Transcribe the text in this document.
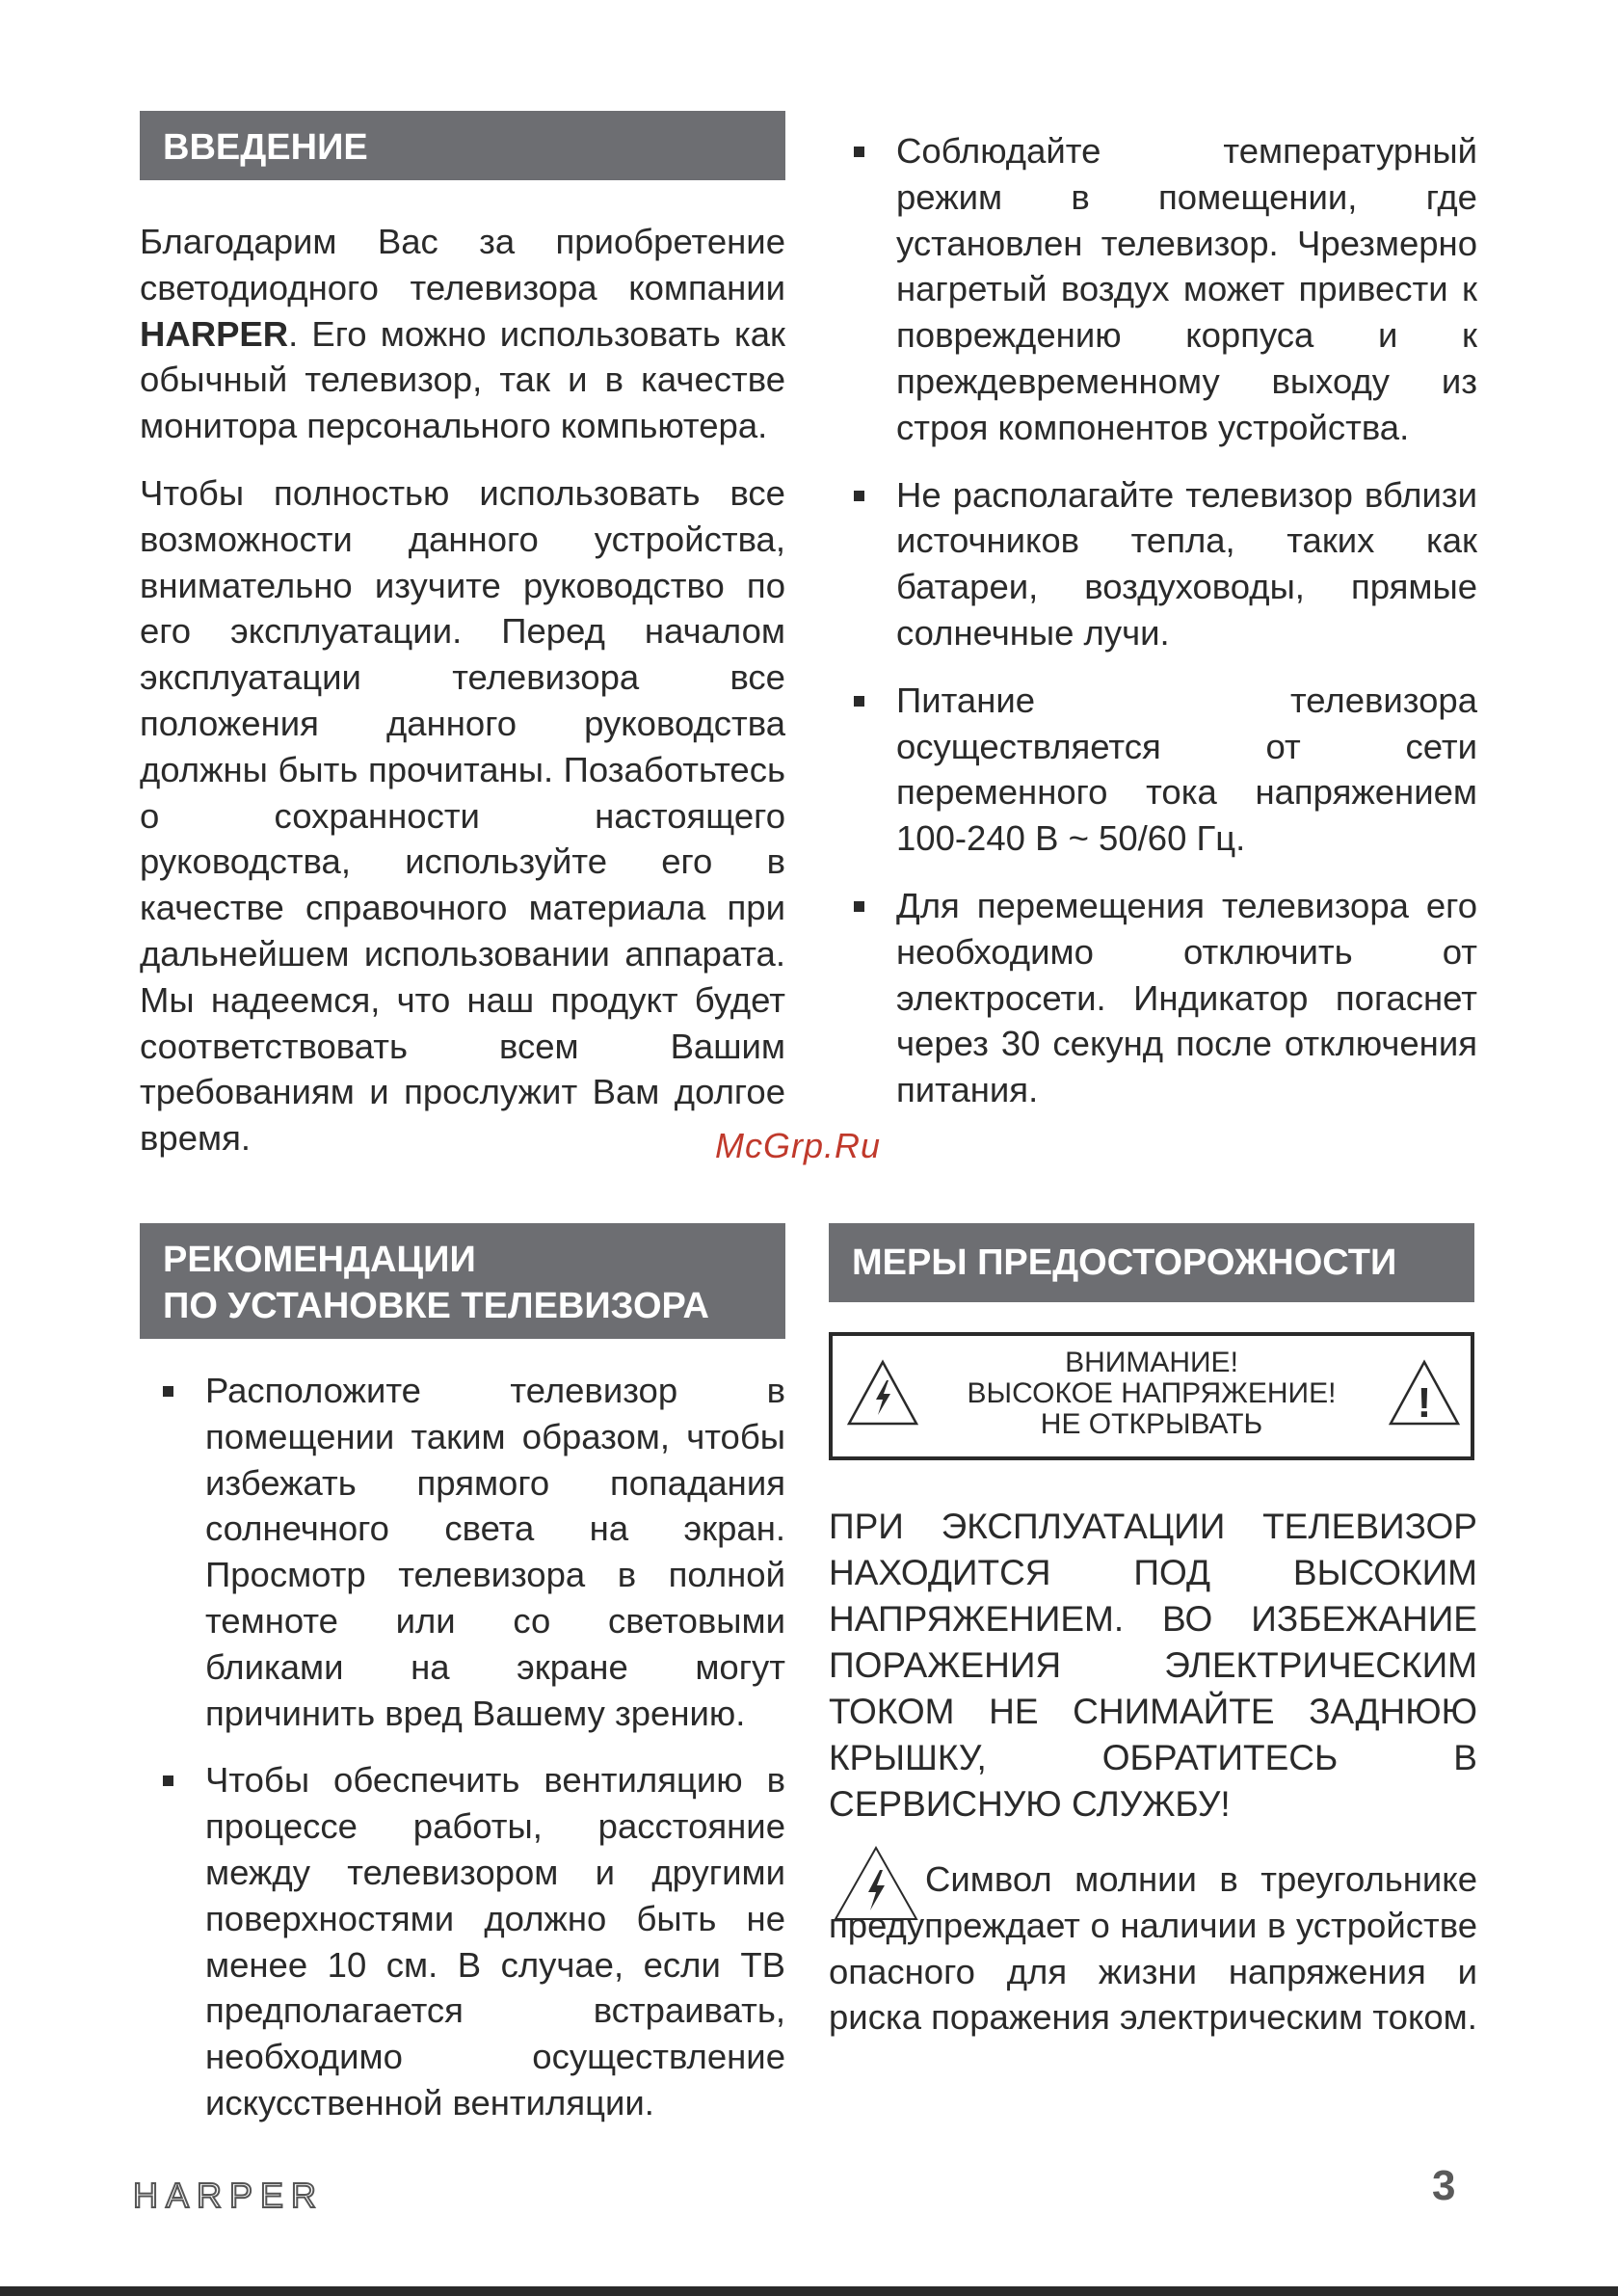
ВВЕДЕНИЕ

Благодарим Вас за приобретение светодиодного телевизора компании HARPER. Его можно использовать как обычный телевизор, так и в качестве монитора персонального компьютера.

Чтобы полностью использовать все возможности данного устройства, внимательно изучите руководство по его эксплуатации. Перед началом эксплуатации телевизора все положения данного руководства должны быть прочитаны. Позаботьтесь о сохранности настоящего руководства, используйте его в качестве справочного материала при дальнейшем использовании аппарата. Мы надеемся, что наш продукт будет соответствовать всем Вашим требованиям и прослужит Вам долгое время.

Соблюдайте температурный режим в помещении, где установлен телевизор. Чрезмерно нагретый воздух может привести к повреждению корпуса и к преждевременному выходу из строя компонентов устройства.
Не располагайте телевизор вблизи источников тепла, таких как батареи, воздуховоды, прямые солнечные лучи.
Питание телевизора осуществляется от сети переменного тока напряжением 100-240 В ~ 50/60 Гц.
Для перемещения телевизора его необходимо отключить от электросети. Индикатор погаснет через 30 секунд после отключения питания.
McGrp.Ru
РЕКОМЕНДАЦИИ
ПО УСТАНОВКЕ ТЕЛЕВИЗОРА
Расположите телевизор в помещении таким образом, чтобы избежать прямого попадания солнечного света на экран. Просмотр телевизора в полной темноте или со световыми бликами на экране могут причинить вред Вашему зрению.
Чтобы обеспечить вентиляцию в процессе работы, расстояние между телевизором и другими поверхностями должно быть не менее 10 см. В случае, если ТВ предполагается встраивать, необходимо осуществление искусственной вентиляции.
МЕРЫ ПРЕДОСТОРОЖНОСТИ
ВНИМАНИЕ!
ВЫСОКОЕ НАПРЯЖЕНИЕ!
НЕ ОТКРЫВАТЬ	!

ПРИ ЭКСПЛУАТАЦИИ ТЕЛЕВИЗОР НАХОДИТСЯ ПОД ВЫСОКИМ НАПРЯЖЕНИЕМ. ВО ИЗБЕЖАНИЕ ПОРАЖЕНИЯ ЭЛЕКТРИЧЕСКИМ ТОКОМ НЕ СНИМАЙТЕ ЗАДНЮЮ КРЫШКУ, ОБРАТИТЕСЬ В СЕРВИСНУЮ СЛУЖБУ!

Символ молнии в треугольнике предупреждает о наличии в устройстве опасного для жизни напряжения и риска поражения электрическим током.

HARPER	3
